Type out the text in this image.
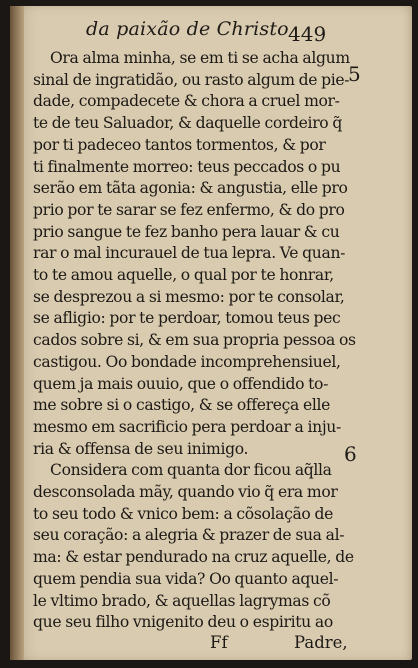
da paixão de Christo 449
5
6
Ora alma minha, se em ti se acha algum
sinal de ingratidão, ou rasto algum de pie-
dade, compadecete & chora a cruel mor-
te de teu Saluador, & daquelle cordeiro q̃
por ti padeceo tantos tormentos, & por
ti finalmente morreo: teus peccados o pu
serão em tãta agonia: & angustia, elle pro
prio por te sarar se fez enfermo, & do pro
prio sangue te fez banho pera lauar & cu
rar o mal incurauel de tua lepra. Ve quan-
to te amou aquelle, o qual por te honrar,
se desprezou a si mesmo: por te consolar,
se afligio: por te perdoar, tomou teus pec
cados sobre si, & em sua propria pessoa os
castigou. Oo bondade incomprehensiuel,
quem ja mais ouuio, que o offendido to-
me sobre si o castigo, & se offereça elle
mesmo em sacrificio pera perdoar a inju-
ria & offensa de seu inimigo.
Considera com quanta dor ficou aq̃lla
desconsolada mãy, quando vio q̃ era mor
to seu todo & vnico bem: a cõsolação de
seu coração: a alegria & prazer de sua al-
ma: & estar pendurado na cruz aquelle, de
quem pendia sua vida? Oo quanto aquel-
le vltimo brado, & aquellas lagrymas cõ
que seu filho vnigenito deu o espiritu ao
Ff	Padre,
